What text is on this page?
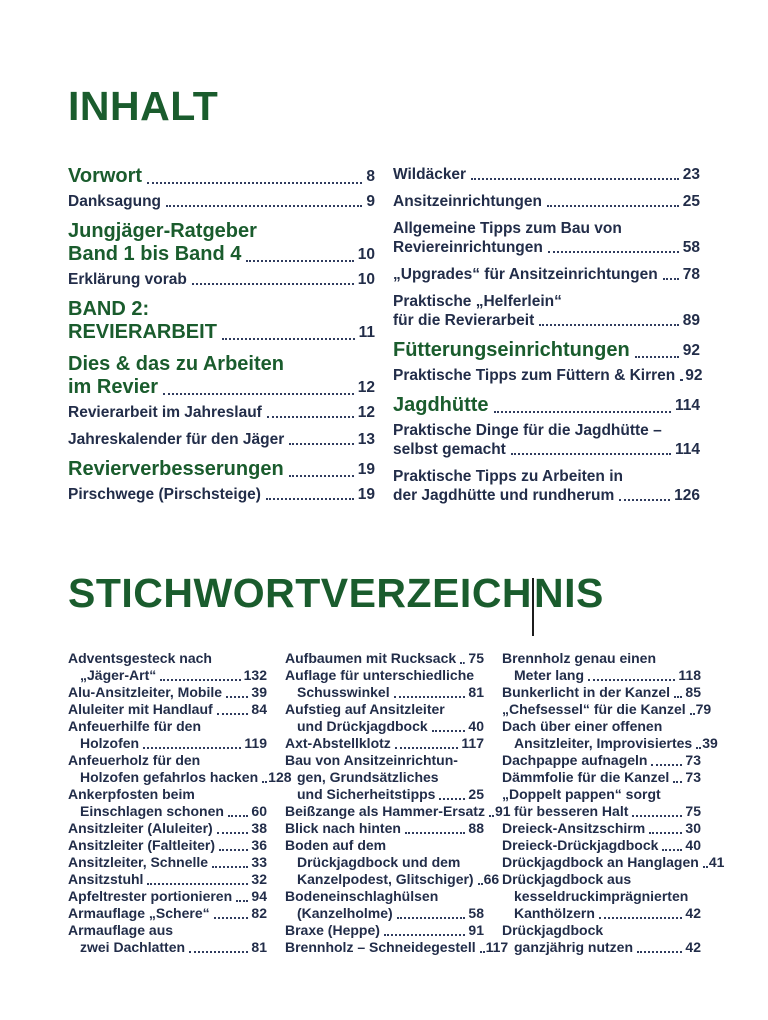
INHALT
Vorwort	8
Danksagung	9
Jungjäger-Ratgeber
Band 1 bis Band 4	10
Erklärung vorab	10
BAND 2:
REVIERARBEIT	11
Dies & das zu Arbeiten
im Revier	12
Revierarbeit im Jahreslauf	12
Jahreskalender für den Jäger	13
Revierverbesserungen	19
Pirschwege (Pirschsteige)	19
Wildäcker	23
Ansitzeinrichtungen	25
Allgemeine Tipps zum Bau von
Reviereinrichtungen	58
„Upgrades“ für Ansitzeinrichtungen 78
Praktische „Helferlein“
für die Revierarbeit	89
Fütterungseinrichtungen	92
Praktische Tipps zum Füttern & Kirren 92
Jagdhütte	114
Praktische Dinge für die Jagdhütte –
selbst gemacht	114
Praktische Tipps zu Arbeiten in
der Jagdhütte und rundherum	126
STICHWORTVERZEICHNIS
Adventsgesteck nach
„Jäger-Art“	132
Alu-Ansitzleiter, Mobile 39
Aluleiter mit Handlauf	84
Anfeuerhilfe für den
Holzofen	119
Anfeuerholz für den
Holzofen gefahrlos hacken 128
Ankerpfosten beim
Einschlagen schonen 60
Ansitzleiter (Aluleiter)	38
Ansitzleiter (Faltleiter)	36
Ansitzleiter, Schnelle	33
Ansitzstuhl	32
Apfeltrester portionieren 94
Armauflage „Schere“	82
Armauflage aus
zwei Dachlatten	81
Aufbaumen mit Rucksack 75
Auflage für unterschiedliche
Schusswinkel	81
Aufstieg auf Ansitzleiter
und Drückjagdbock	40
Axt-Abstellklotz	117
Bau von Ansitzeinrichtun-
gen, Grundsätzliches
und Sicherheitstipps 25
Beißzange als Hammer-Ersatz 91
Blick nach hinten	88
Boden auf dem
Drückjagdbock und dem
Kanzelpodest, Glitschiger) 66
Bodeneinschlaghülsen
(Kanzelholme)	58
Braxe (Heppe)	91
Brennholz – Schneidegestell 117
Brennholz genau einen
Meter lang	118
Bunkerlicht in der Kanzel 85
„Chefsessel“ für die Kanzel 79
Dach über einer offenen
Ansitzleiter, Improvisiertes 39
Dachpappe aufnageln	73
Dämmfolie für die Kanzel 73
„Doppelt pappen“ sorgt
für besseren Halt	75
Dreieck-Ansitzschirm	30
Dreieck-Drückjagdbock 40
Drückjagdbock an Hanglagen 41
Drückjagdbock aus
kesseldruckimprägnierten
Kanthölzern	42
Drückjagdbock
ganzjährig nutzen	42
